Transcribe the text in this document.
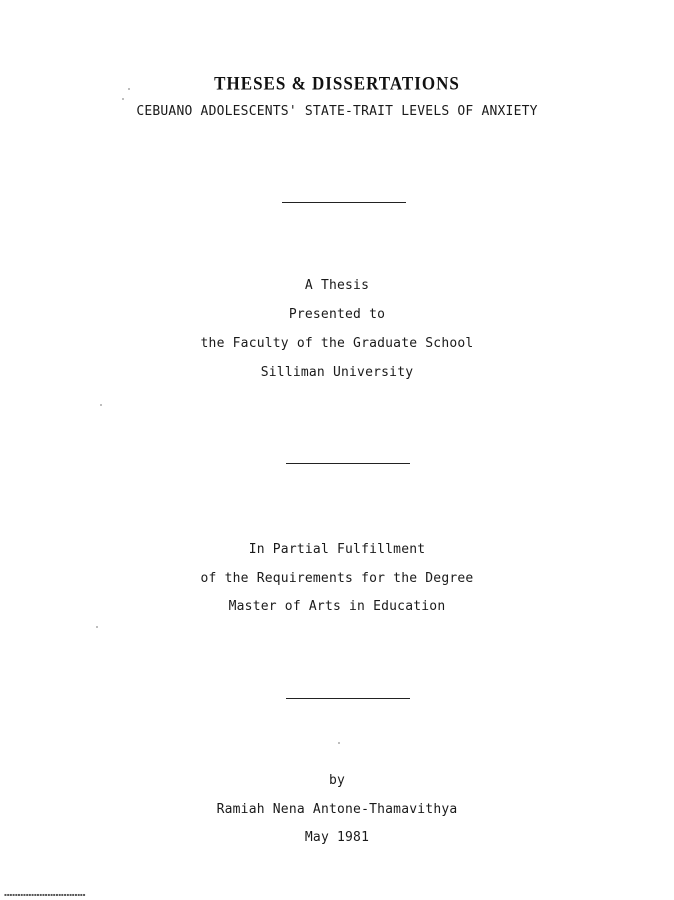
THESES & DISSERTATIONS
CEBUANO ADOLESCENTS' STATE-TRAIT LEVELS OF ANXIETY
A Thesis
Presented to
the Faculty of the Graduate School
Silliman University
In Partial Fulfillment
of the Requirements for the Degree
Master of Arts in Education
by
Ramiah Nena Antone-Thamavithya
May 1981
▪▪▪▪▪▪▪▪▪▪▪▪▪▪▪▪▪▪▪▪▪▪▪▪▪▪▪▪▪▪
